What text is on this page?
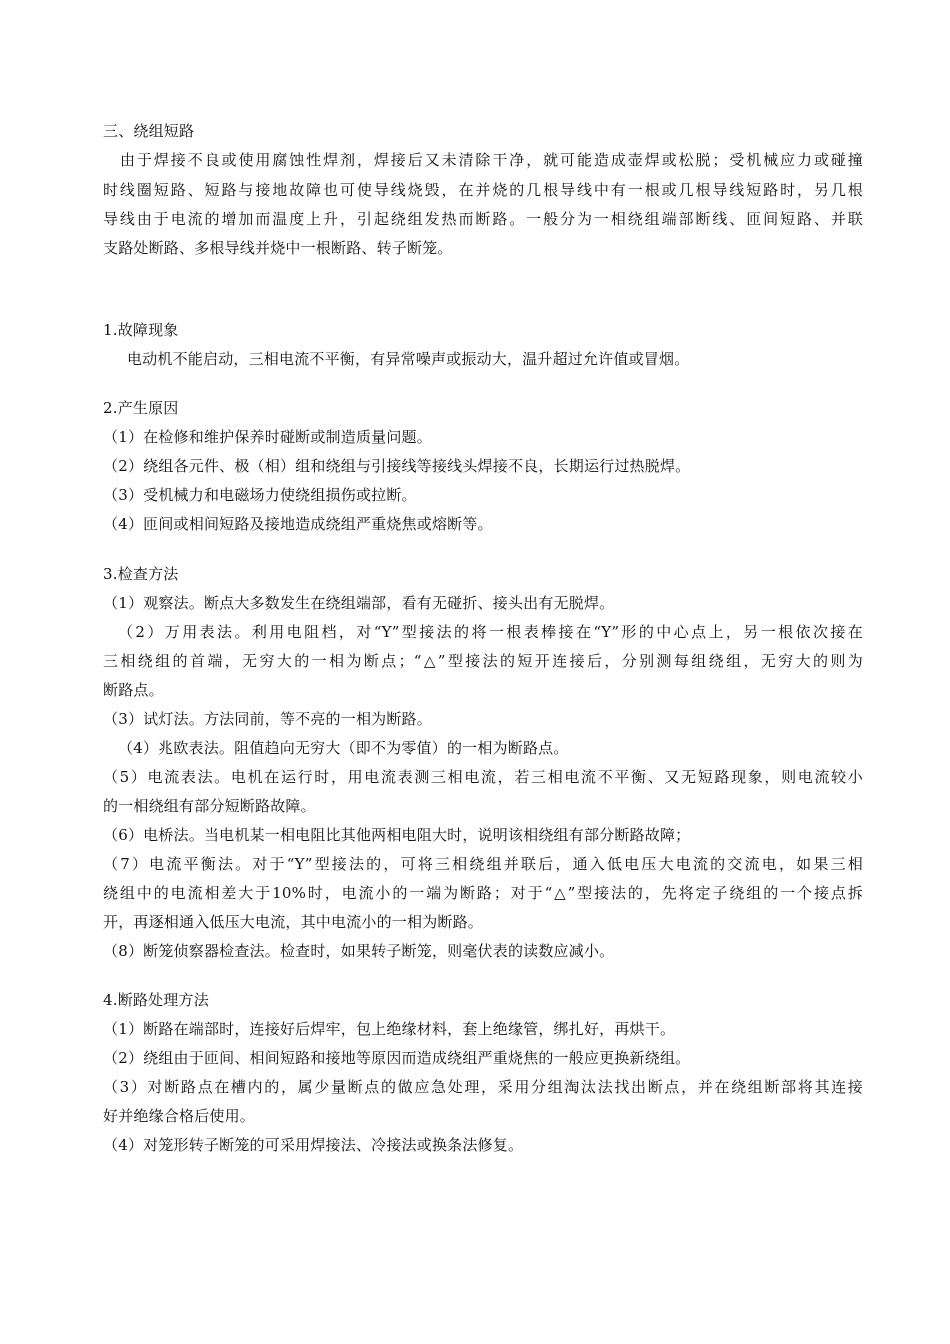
三、绕组短路
由于焊接不良或使用腐蚀性焊剂，焊接后又未清除干净，就可能造成壶焊或松脱；受机械应力或碰撞
时线圈短路、短路与接地故障也可使导线烧毁，在并烧的几根导线中有一根或几根导线短路时，另几根
导线由于电流的增加而温度上升，引起绕组发热而断路。一般分为一相绕组端部断线、匝间短路、并联
支路处断路、多根导线并烧中一根断路、转子断笼。
1.故障现象
电动机不能启动，三相电流不平衡，有异常噪声或振动大，温升超过允许值或冒烟。
2.产生原因
（1）在检修和维护保养时碰断或制造质量问题。
（2）绕组各元件、极（相）组和绕组与引接线等接线头焊接不良，长期运行过热脱焊。
（3）受机械力和电磁场力使绕组损伤或拉断。
（4）匝间或相间短路及接地造成绕组严重烧焦或熔断等。
3.检查方法
（1）观察法。断点大多数发生在绕组端部，看有无碰折、接头出有无脱焊。
（2）万用表法。利用电阻档，对“Y”型接法的将一根表棒接在“Y”形的中心点上，另一根依次接在
三相绕组的首端，无穷大的一相为断点；“△”型接法的短开连接后，分别测每组绕组，无穷大的则为
断路点。
（3）试灯法。方法同前，等不亮的一相为断路。
（4）兆欧表法。阻值趋向无穷大（即不为零值）的一相为断路点。
（5）电流表法。电机在运行时，用电流表测三相电流，若三相电流不平衡、又无短路现象，则电流较小
的一相绕组有部分短断路故障。
（6）电桥法。当电机某一相电阻比其他两相电阻大时，说明该相绕组有部分断路故障；
（7）电流平衡法。对于“Y”型接法的，可将三相绕组并联后，通入低电压大电流的交流电，如果三相
绕组中的电流相差大于10%时，电流小的一端为断路；对于“△”型接法的，先将定子绕组的一个接点拆
开，再逐相通入低压大电流，其中电流小的一相为断路。
（8）断笼侦察器检查法。检查时，如果转子断笼，则毫伏表的读数应减小。
4.断路处理方法
（1）断路在端部时，连接好后焊牢，包上绝缘材料，套上绝缘管，绑扎好，再烘干。
（2）绕组由于匝间、相间短路和接地等原因而造成绕组严重烧焦的一般应更换新绕组。
（3）对断路点在槽内的，属少量断点的做应急处理，采用分组淘汰法找出断点，并在绕组断部将其连接
好并绝缘合格后使用。
（4）对笼形转子断笼的可采用焊接法、冷接法或换条法修复。
